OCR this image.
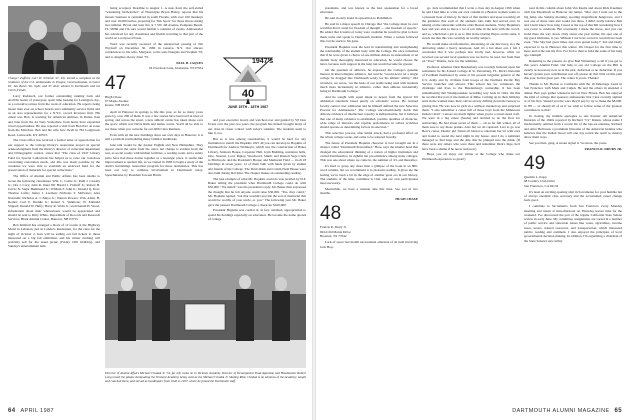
Charge! d'affaire Carl W. Schmidt '47, left, toured a warplane at the residence of the U.S. ambassador in Prague, Czechoslovakia, to honor Dr. Jan Bares '46, right, and 33 other alumni in Dartmouth and his Czech friends.

Larry Rodstuch, our former outstanding running back and AGWhs leader of yesteryear, spent time looking for Lexington, Ky., as a recreative retiree from the work of education. He reports being busier than ever on school boards and community service firms and as an area representative for a N.Y.C. record investors firm. His oldest son, Bob, is working for American Airlines, in Dallas. Ken and Jane from the 44 Tony Stonechew from home have expanded travel opportunities. He also reported a visit from Bob Parr on route from the Mid-East. Bob and his wife now dwell in 784 Longbrook Road, Lonsworth, KY 40353.

The Class office has received a formal letter of appreciation for our support to the College library's restoration project in special acknowledgment from the library's director of collection department and bibliographic control, states that "The class of 1947 Library Fund for Special Collections has helped us to raise our conscious concerning restoration needs, and this was made possible by the condense we were able to establish an endowed fund for the preservation of materials for special collections."

The Office of Alumni and Public Affairs has been unable to locate the following classmates: Wm. C. Castle Jr.; Ruth J. Cassidy Jr.; Ora J. Cory; John R. Inner 80; Harold J. Fialloff Jr.; Robert H. Jarvis; N. Sugar Hummond Jr.; William F. John Jr.; Donald Q. Kerr; Thomas Loftis; James J. Leeman; Nicholas T. McFeater; Alex Nazareth; Nicholas A. C-Mayo Jr.; Warren Powers; Wm. Allen, H. Rodier; Carl E. Ruddie Jr.; Robert S. Simmons; W. Edmund Stipped; Donald W. Hafty; Harry R. Watts Jr.; and Donald H. Wood. Information about their whereabouts would be appreciated and should be sent to Kitty White, Department of Records and Research Services, Blunt Alumni Center, Hanover, NH 03755.

Bob Kimball has arranged a block of 12 rooms at the Highway Motel in Lebanon, just in Lander's Restaurant, for the class for the night of October 2. Ken will be selling our fall tickets to those interested on a big fall exhibition, and his winter clothing will probably sell for the usual picnic (Friday 10th birthday), and Sunday's entertainment kids.

being accepted. Deadline is August 1. A note from the self-exiled "wandering birdwatcher" of Thorndyke Bryan Batley, reports that his mosaic business is centralized in south Florida, with over 100 monkeys and over 10,000 turtles, preparing for "Ink Spots" for those shows during last summer. Bryan and Jean live at 7 SW 4th Avenue, Pompano Beach, FL 33060 and I'm sure would furnish a calendar of events. Ambassador has advanced for any classmates and friends traveling to that part of the world on a reciprocal basis.

Word was recently received of the unexpected passing of Jim Wyckoff on December 30, 1986 in Geneva, N.Y. Our sincere condolences to his wife, Margaret, to his sons Douglas and Stephen '76, and to daughter-in-law Janet '79.

PAUL B. JAQUES

18 Overlook Lane, Gladstone, NJ 07934

47
Hugh Chase
67 Maple Avenue
Keene, NH 03431

April in Hanover in springs to life this year, as for so many years gone by, over 200 of them. It was a few stories have been told in tried of spring, and across the street, a new athletic center has taken shape over the space which was Davis Rink and tennis courts. You'll all be able to see these when you convene for our 40th Class Reunion.

Even with all the new buildings since our own days in Hanover, it is still a problem rescheduling many familiar landmarks.

Jane talk would be the dossier English and New Hampshire. They appear about the same from the outer, but change is evident from the rest, as social rooms with kitchen facilities, a reading room, and a sunny patio have had these dorms together as a nostalgic place. It seems like improvement to student life, as we visited in 1983 to begin a study of the dorm's furnishings restoration program for those dormitories. This has been our way to continue involvement in Dartmouth today. Speechmaster by President Towsen Harris

1947's
40
JUNE 15TH - 18TH 1987

and your executive board, and watched over and guided by VP Don Evans over the past two years, the program has indeed brought many of our class in closer contact with today's students. The students seem to like it, too.

But as is true among roundstables, it would be hard for any institution to match the Hopkins 1925 40 you can develop in Hopkins of Dartmouth for Andrew Widmeyer, which saw the construction of Baker Library, Sanborn House, Carpenter Hall, Gym Building, residence halls, Gile, Streeter, Lord, Ripley, Woodward, Smith, and Russell Sage Clark to Hitchcock, and the President's House; and Memorial Field — in all 18 buildings in seven years. 12 of them built with funds given by alumni and friends of the College. The Davis Rink and Comm Field House were also built during that time. The chapter makes an outstanding reading.

The best example of what Mr. Hopkins could do was recalled by D.F. Baker telling the president what Dartmouth College could do with $50,000. "We match" was the president's reply. Mr. Baker then expressed the thought that he felt anyone could raise $50,000. "Yes, they could," Mr. Hopkins replied, "but that wouldn't provide the sort of memorial that would be worthy of your uncle, or you." The following year Mr. Baker gave the pioneer Dartmouth College a check for $100,000.

President Hopkins was cordial of, in fact, subdued, appropriation to spend his holdings especially on education. He became the name quoted of college

Director of Alumni Affairs Michael Chodak Jr. '54, far left, looks on in Vermont Academy Director of Development Thad Apaulson and Headmaster Robert Long unveil the plaque designating the Vermont Academy being used as the Michael Chodak Jr. Skating Rink. Chodak is an alumnus of the Academy, taught and coached there, and served as headmaster from 1946 to 1957, where he joined the Dartmouth staff.
64 APRIL 1987

presidents, and was known as the best spokesman for a broad education.

He said in early stand in opposition to Prohibition.

He said in a major speech in Chicago that "the College must be ever watchful that it stand for freedom of thought — and freedom of speech." He added that it learns of today were available he would be glad to have them come and speak to Dartmouth students. When a ruckus followed this, but he stuck to his guns.

President Hopkins took the lead in transforming and strengthening the relationship of the alumni body with the College. He once remarked that if he were given a choice of one million dollars in endowment or an alumni body thoroughly interested in education, he would choose the latter, because such support in the long run would become far greater.

On the question of athletics, he expressed the College's genuine interest in intercollegiate athletics, but said he "would never let a single college be dragged into Dartmouth solely for his athletic ability." Old wrestlers, we wrote, "on the basis of our teams being used with students much more incidentally in athletics, rather than athletes incidentally being in Dartmouth College."

And he sought with equal intent to depart from the typical 6:0 admission standards based purely on scholastic scores. He resisted faculty control over admission and he himself defined the new Selective Process for Admissions." The College unconventionally holds that delicate evidence of intellectual capacity is indispensable, but it believes that one of many evidence is established, positive qualities of character, wide range of interests and capable performance in school activities should operate as determining factors in selection."

This selective process, after initial attack, had a profound effect on the whole college scene, and came to be adopted broadly.

The future of President Hopkins character is best brought out in a chapter called "Dartmouth Personified." Here, says the smaller head that changed the educational thinking of a nation of higher institution and carried Dartmouth to its rightful but pre-eminence among sister colleges. This was one about where we came in, the summer of '43, and thereafter.

It's hard to grasp any more than a glimpse of the book in an 800-word column, but we recommend it as pleasant reading. It gives me the feeling we've been a bit in the edge of another great era in our history. The students of the time, commitee is vital, and our own participation most necessary.

Meanwhile, we have a reunion date this June. See you in two months.

HUGH CHASE

48
Francis R. Drury Jr.
6924 Old Monte Drive
Houston, TX 77042

Lack of space last month necessitated omission of an item involving Jack Hop-

go. Jack recommended that I write a class day in August 1959 when he and I had time to write our own column in a Boston women wants to a pleasant hour of history. In most of that instinct and upon receiving all the guidance that each of the students fans built had served ever, in talking on the sidewalks with the elder Boston students. Vicky Hopkins's best and was able to move a lot of our time in the next with the crowd, and so, which had a job to us to find in the blazing Hayes on the same, it struck me that this was certainly an worthy subject.

He would make an informative, interesting, in our discovery, in a the delivering under a heavy notebook. And it's a hot sheet out, I felt I concluded that it was perhaps less totally bad, however, when we received our second local question was we had to be read, but from then on "Your" Thanks, Jack, for the reminder.

Professor emeritus Dick Beudenberg was recently honored upon his retirement for his Eckerd College in St. Petersburg, FL. Dick's historian of Fordham mentioned by some at his present brigadier general of the U.S. Army and by civilians from troops of the Northern Pacific Bay Service branches and abroad. This school has for volunteers the challenge and lives to the Beudenberg's ownership. It has been remembering that Winnipesaukee recruiting way back in 1944. On this he recalled that part of the memoir of Mike. Coming up in their birthday suits in the women man, their canvas slowly drifting down the runway to glaring that. He was now in girls in a sailboat sneaked up and surprised them. "I also remember a canoe full of those boys from the Minnesota Indian Cabin". Canoes are much lighter when you're a sweet-sized craft. We were in a big canoe (Sauna) and decided to do the flow for subtracting. He had about seven of them — all so far full winter, all of them sure to say those pranks. Also but we all capsized. Last to go was Bow's canoe, Dustin' girl friend all buried to entertain her lot with ours and found to spend the next night in my house. And I do a reminder managed to find Inge and the ship that he plunged into the drink. (If there were any others who were there and remember Dick's Inge, he'd have been a shame if he never surfaced.)

Hope you all enjoy our winter at the College who make our Dartmouth experience so great!)

read in this column about John Van Raalte and about Dick Kuemler with Ian Macintosh as Hanover ski jumps. "Mac and I went out to the big jump one Sunday morning, sporting magnificent hangovers, and I was one of these stats and would run there. I didn't really balance him and I don't know how long I stood at the top of that hill wondering how I was twice to celebrate. But eventually I made the move, and you can stand there the way down. Only about one year earlier, his spot one of my good attributes, is yes. Without I not have scored it would have been even. "The Sky had great times and even gotten lucky!" Ted and Dolly expected to be in Hanover this winter. We Chapel for the first time to more and at the sun my first. For Ted to then to hold the some of his long ago triumph!

Returning to the present, do give Bud Wittenberg a call if you get to this year's Alumni Fund. Our help to our old College on the Hill is clearly as necessary now as in the past, deduction or no deduction. If you haven't gotten your contribution rest off, please do that little on this path this year. In that great part. The center is yours. Thanks!

Thanks to Mr. Horton to California with the 18 Indrobage Lions in San Francisco with Mark and Cullen. He and the others in attended a dinner. Bob says gather whenever he's in New Haven. Bob has enjoyed the kind of college that sponsors ambassador that I just recently sighted or of his first. Should you the wars they'll pay by try to make the $8,000. in '88 — as should all of us if we wish to follow some of the greatest contributors to that!

In closing, my humble apologies to one listener. All American historian of the 1940s reported by Richard "Cy" Rabun, whose name I inadvertently omitted from a recent list of the late-ex-attendee. Richard and Alice Holbrook a prominent historian of the American Indians who believes that the Indian blood will one day return the spirit to destroy allow them ways.

See you then, gang. A stroke signal is "no more, the yours.

FRANCIS R. DRURY JR.

49
Quentin L. Kopp
68 Country Club Drive
San Francisco, CA 94132

It's been an exciting opening stint in Sacramento for your humble but of always obedient class secretary and the accustomed career change feels good.

I commute to Sacramento from San Francisco every Monday morning and return at mid-afternoon on Thursday leaves time for the weekend. I've discovered the part of the regular California State Senate review in early June. My committee assignments are varied in a number of public service and statewide issues like water, agriculture, income taxes, toxics, natural resources, and transportation, which interested public, reading and comment. I also enjoyed the principles of local governmental decision making. In addition, I'm organizing a chairman of the State Senate's new utility

DARTMOUTH ALUMNI MAGAZINE 65
